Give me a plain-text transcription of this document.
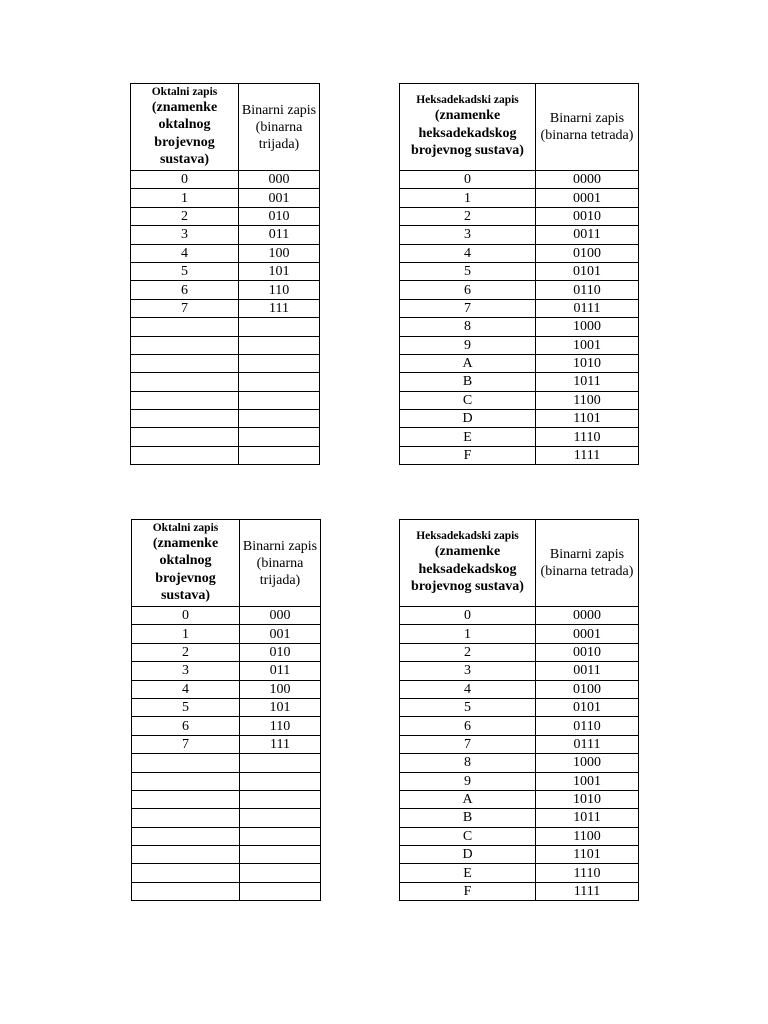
Oktalni zapis
(znamenke oktalnog brojevnog sustava)	Binarni zapis (binarna trijada)
0	000
1	001
2	010
3	011
4	100
5	101
6	110
7	111

Heksadekadski zapis
(znamenke heksadekadskog brojevnog sustava)	Binarni zapis (binarna tetrada)
0	0000
1	0001
2	0010
3	0011
4	0100
5	0101
6	0110
7	0111
8	1000
9	1001
A	1010
B	1011
C	1100
D	1101
E	1110
F	1111
Oktalni zapis
(znamenke oktalnog brojevnog sustava)	Binarni zapis (binarna trijada)
0	000
1	001
2	010
3	011
4	100
5	101
6	110
7	111

Heksadekadski zapis
(znamenke heksadekadskog brojevnog sustava)	Binarni zapis (binarna tetrada)
0	0000
1	0001
2	0010
3	0011
4	0100
5	0101
6	0110
7	0111
8	1000
9	1001
A	1010
B	1011
C	1100
D	1101
E	1110
F	1111
